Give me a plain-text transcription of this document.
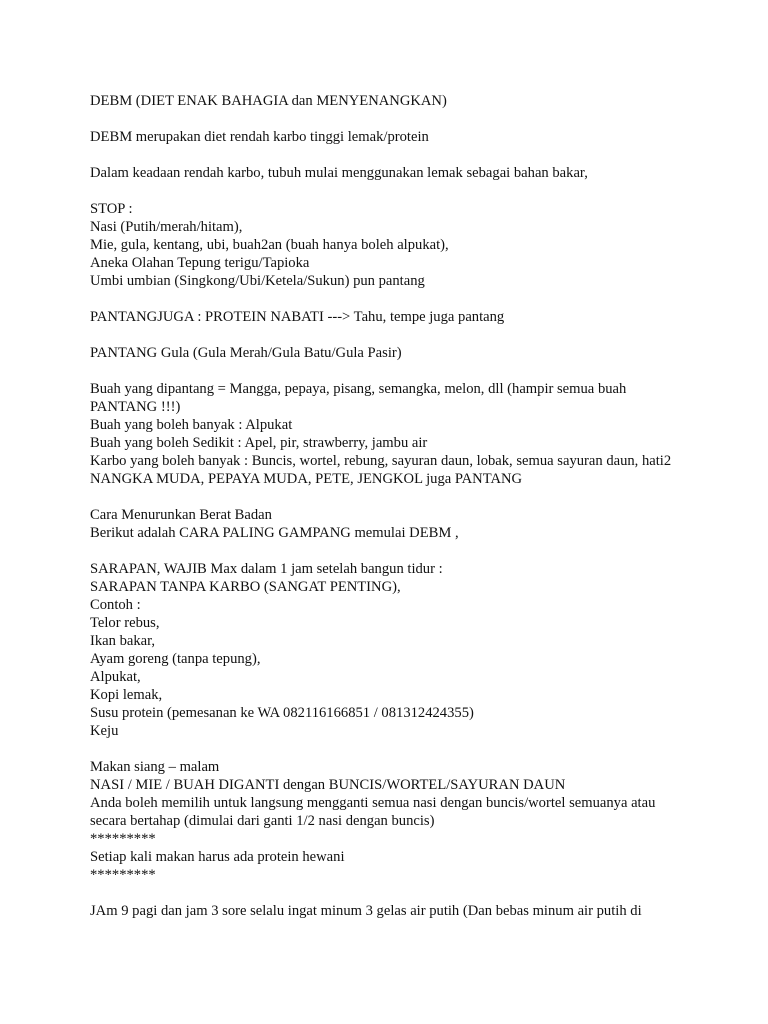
DEBM (DIET ENAK BAHAGIA dan MENYENANGKAN)
DEBM merupakan diet rendah karbo tinggi lemak/protein
Dalam keadaan rendah karbo, tubuh mulai menggunakan lemak sebagai bahan bakar,
STOP :
Nasi (Putih/merah/hitam),
Mie, gula, kentang, ubi, buah2an (buah hanya boleh alpukat),
Aneka Olahan Tepung terigu/Tapioka
Umbi umbian (Singkong/Ubi/Ketela/Sukun) pun pantang
PANTANGJUGA : PROTEIN NABATI ---> Tahu, tempe juga pantang
PANTANG Gula (Gula Merah/Gula Batu/Gula Pasir)
Buah yang dipantang = Mangga, pepaya, pisang, semangka, melon, dll (hampir semua buah PANTANG !!!)
Buah yang boleh banyak : Alpukat
Buah yang boleh Sedikit : Apel, pir, strawberry, jambu air
Karbo yang boleh banyak : Buncis, wortel, rebung, sayuran daun, lobak, semua sayuran daun, hati2 NANGKA MUDA, PEPAYA MUDA, PETE, JENGKOL juga PANTANG
Cara Menurunkan Berat Badan
Berikut adalah CARA PALING GAMPANG memulai DEBM ,
SARAPAN, WAJIB Max dalam 1 jam setelah bangun tidur :
SARAPAN TANPA KARBO (SANGAT PENTING),
Contoh :
Telor rebus,
Ikan bakar,
Ayam goreng (tanpa tepung),
Alpukat,
Kopi lemak,
Susu protein (pemesanan ke WA 082116166851 / 081312424355)
Keju
Makan siang – malam
NASI / MIE / BUAH DIGANTI dengan BUNCIS/WORTEL/SAYURAN DAUN
Anda boleh memilih untuk langsung mengganti semua nasi dengan buncis/wortel semuanya atau secara bertahap (dimulai dari ganti 1/2 nasi dengan buncis)
*********
Setiap kali makan harus ada protein hewani
*********
JAm 9 pagi dan jam 3 sore selalu ingat minum 3 gelas air putih (Dan bebas minum air putih di
